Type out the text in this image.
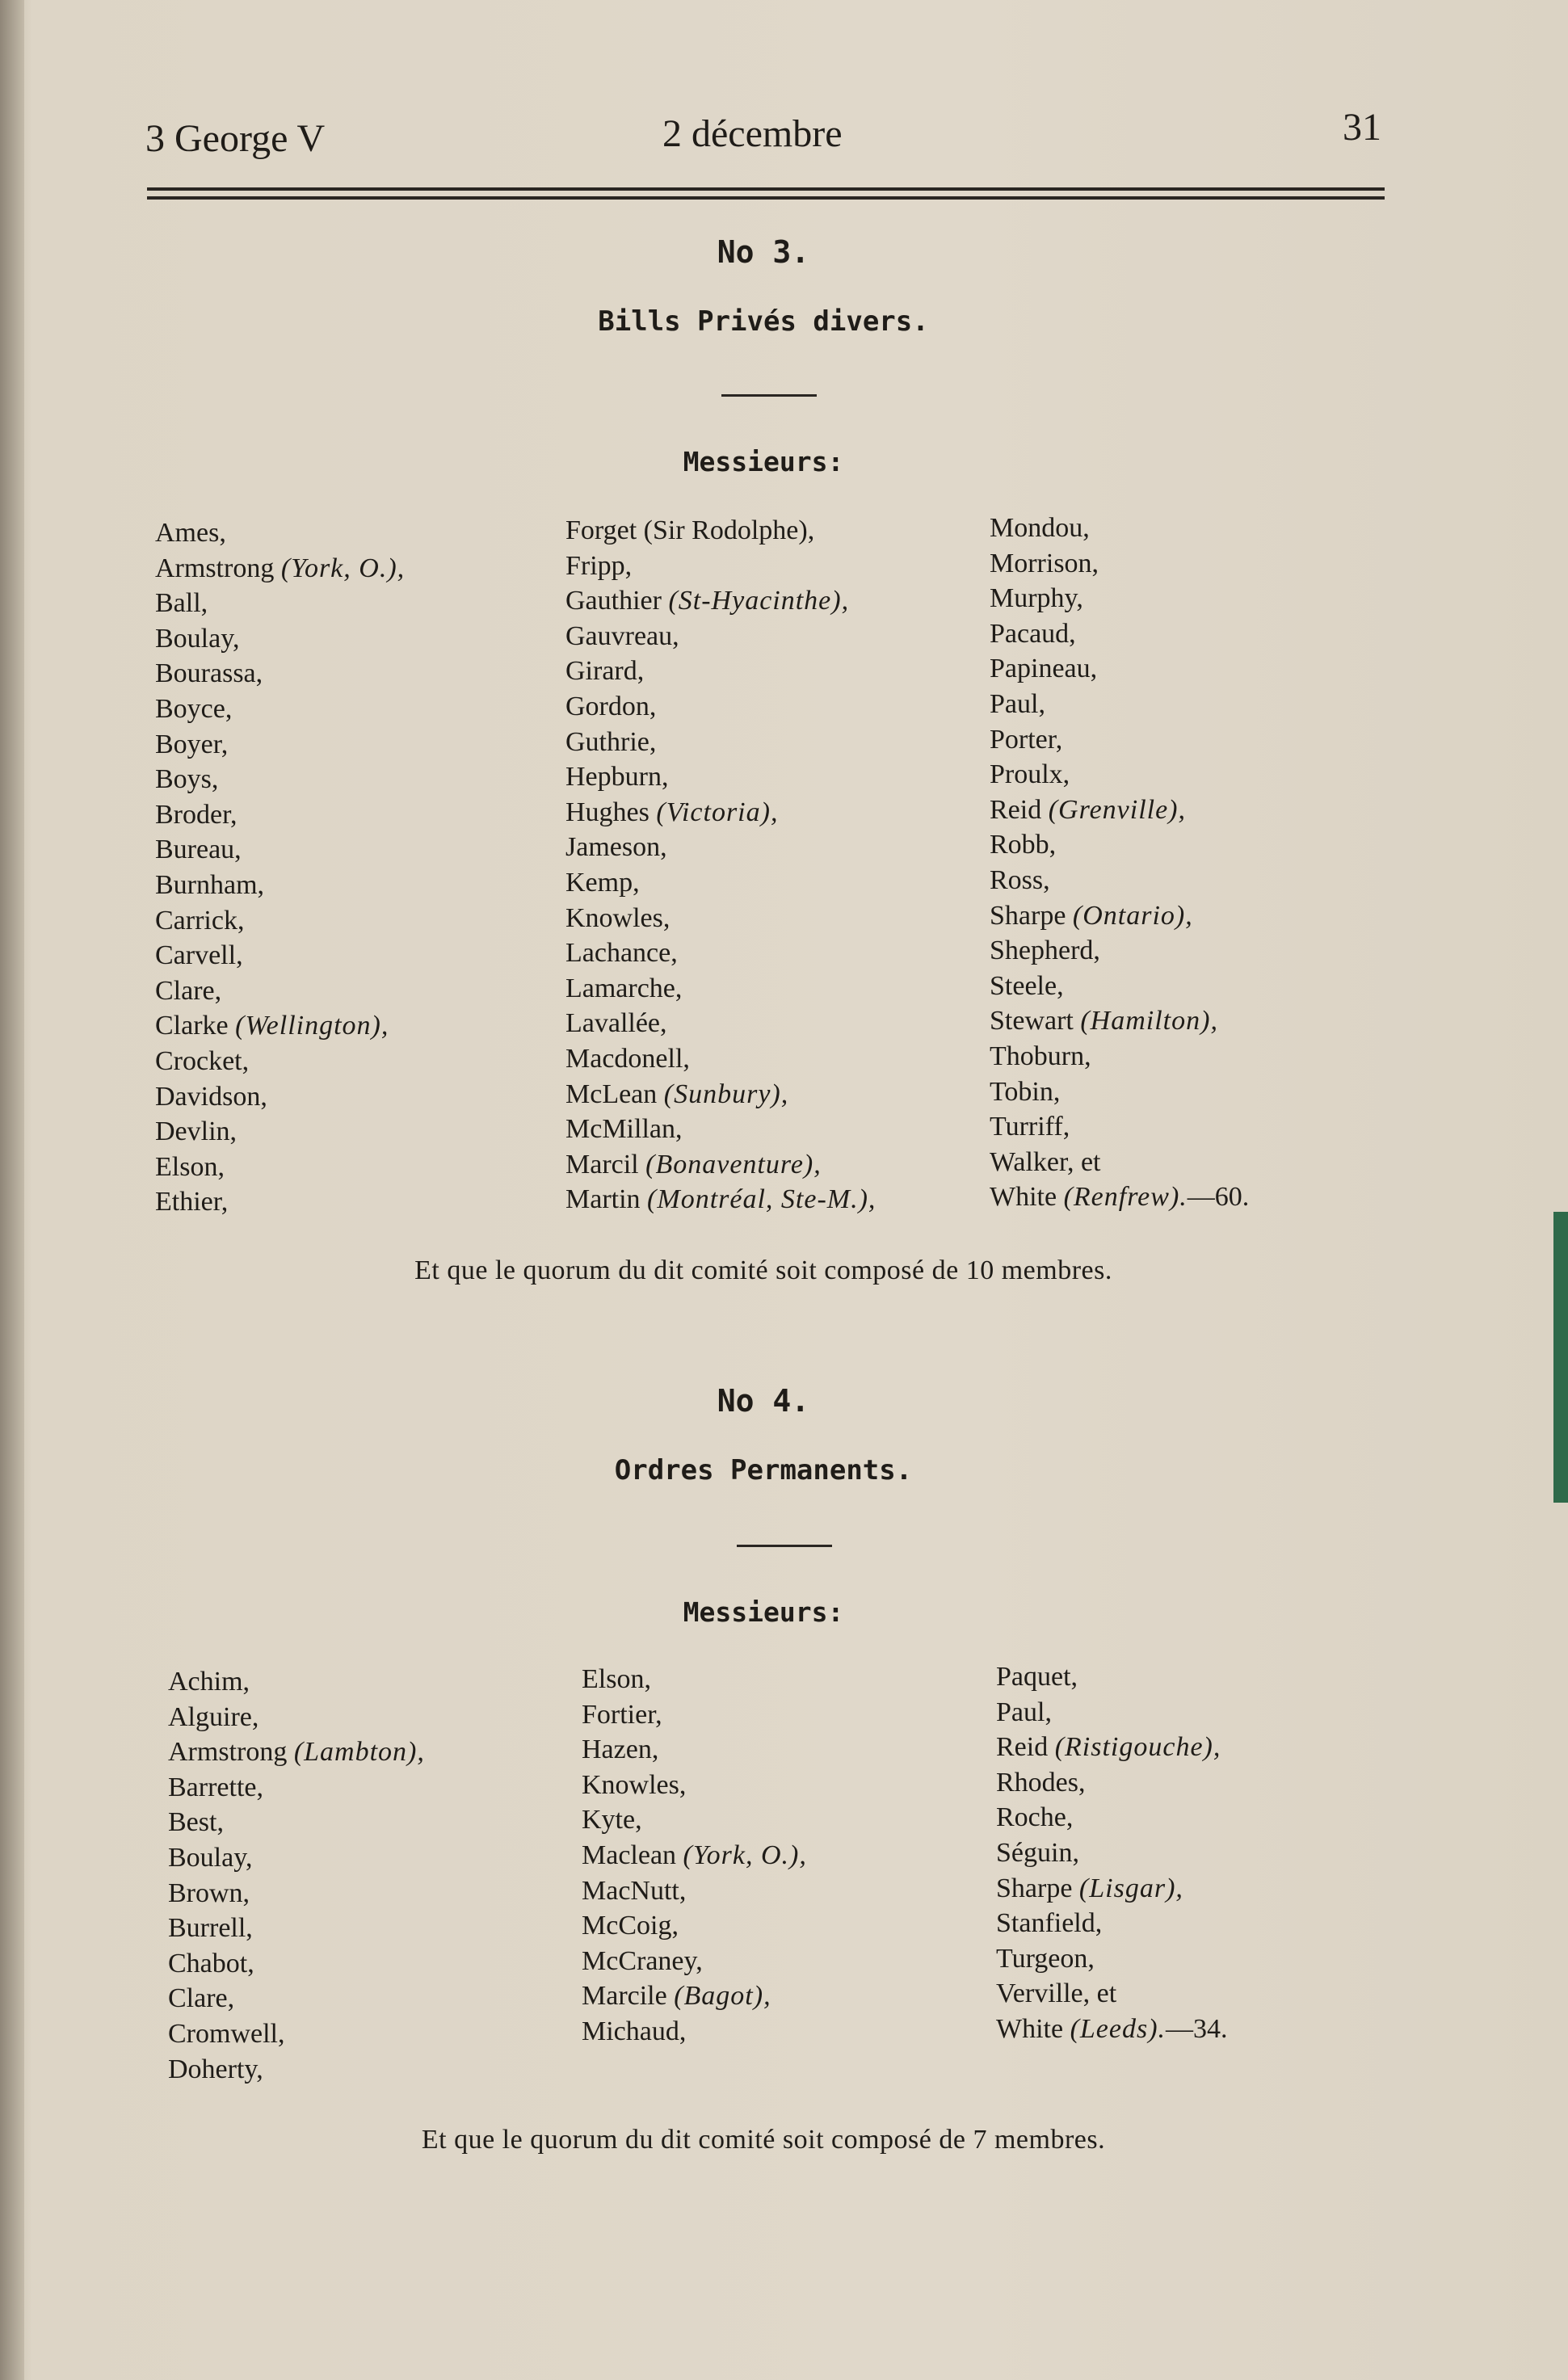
3 George V	2 décembre	31
No 3.
Bills Privés divers.
Messieurs:
Ames,
Armstrong (York, O.),
Ball,
Boulay,
Bourassa,
Boyce,
Boyer,
Boys,
Broder,
Bureau,
Burnham,
Carrick,
Carvell,
Clare,
Clarke (Wellington),
Crocket,
Davidson,
Devlin,
Elson,
Ethier,
Forget (Sir Rodolphe),
Fripp,
Gauthier (St-Hyacinthe),
Gauvreau,
Girard,
Gordon,
Guthrie,
Hepburn,
Hughes (Victoria),
Jameson,
Kemp,
Knowles,
Lachance,
Lamarche,
Lavallée,
Macdonell,
McLean (Sunbury),
McMillan,
Marcil (Bonaventure),
Martin (Montréal, Ste-M.),
Mondou,
Morrison,
Murphy,
Pacaud,
Papineau,
Paul,
Porter,
Proulx,
Reid (Grenville),
Robb,
Ross,
Sharpe (Ontario),
Shepherd,
Steele,
Stewart (Hamilton),
Thoburn,
Tobin,
Turriff,
Walker, et
White (Renfrew).—60.
Et que le quorum du dit comité soit composé de 10 membres.
No 4.
Ordres Permanents.
Messieurs:
Achim,
Alguire,
Armstrong (Lambton),
Barrette,
Best,
Boulay,
Brown,
Burrell,
Chabot,
Clare,
Cromwell,
Doherty,
Elson,
Fortier,
Hazen,
Knowles,
Kyte,
Maclean (York, O.),
MacNutt,
McCoig,
McCraney,
Marcile (Bagot),
Michaud,
Paquet,
Paul,
Reid (Ristigouche),
Rhodes,
Roche,
Séguin,
Sharpe (Lisgar),
Stanfield,
Turgeon,
Verville, et
White (Leeds).—34.
Et que le quorum du dit comité soit composé de 7 membres.
